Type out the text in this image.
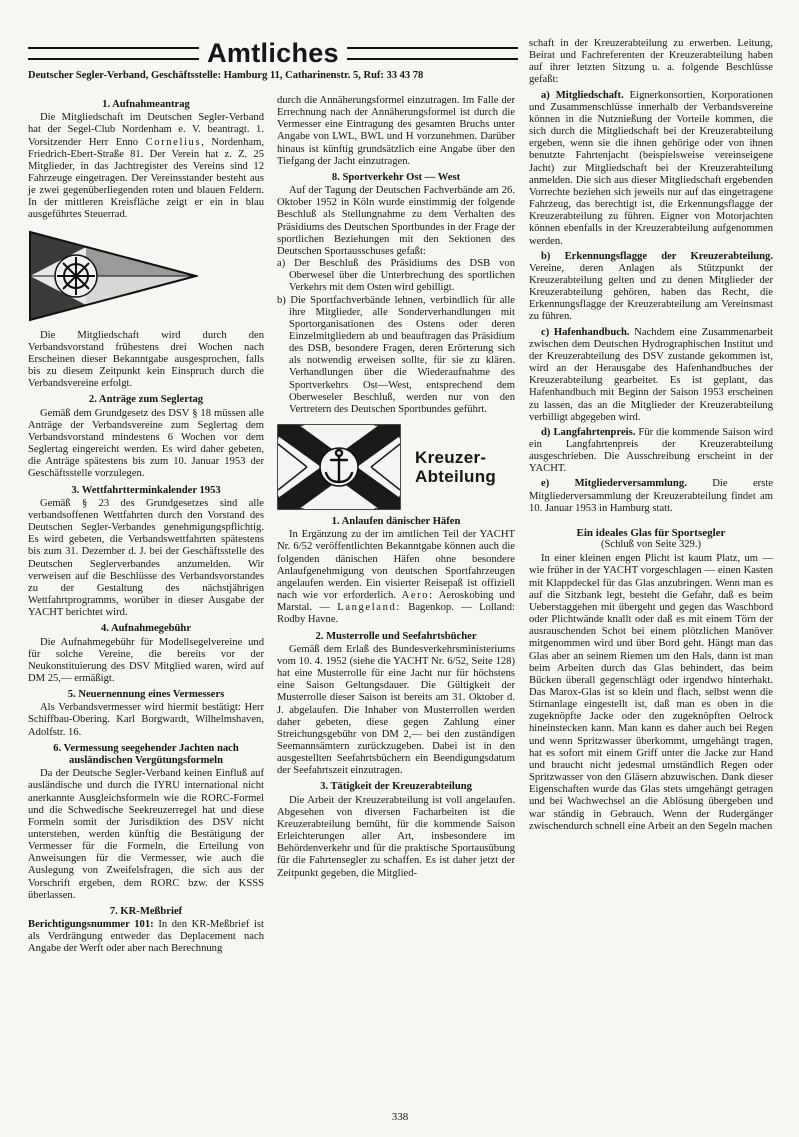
Amtliches
Deutscher Segler-Verband, Geschäftsstelle: Hamburg 11, Catharinenstr. 5, Ruf: 33 43 78
1. Aufnahmeantrag

Die Mitgliedschaft im Deutschen Segler-Verband hat der Segel-Club Nordenham e. V. beantragt. 1. Vorsitzender Herr Enno Cornelius, Nordenham, Friedrich-Ebert-Straße 81. Der Verein hat z. Z. 25 Mitglieder, in das Jachtregister des Vereins sind 12 Fahrzeuge eingetragen. Der Vereinsstander besteht aus je zwei gegenüberliegenden roten und blauen Feldern. In der mittleren Kreisfläche zeigt er ein in blau ausgeführtes Steuerrad.

Die Mitgliedschaft wird durch den Verbandsvorstand frühestens drei Wochen nach Erscheinen dieser Bekanntgabe ausgesprochen, falls bis zu diesem Zeitpunkt kein Einspruch durch die Verbandsvereine erfolgt.

2. Anträge zum Seglertag

Gemäß dem Grundgesetz des DSV § 18 müssen alle Anträge der Verbandsvereine zum Seglertag dem Verbandsvorstand mindestens 6 Wochen vor dem Seglertag eingereicht werden. Es wird daher gebeten, die Anträge spätestens bis zum 10. Januar 1953 der Geschäftsstelle vorzulegen.

3. Wettfahrtterminkalender 1953

Gemäß § 23 des Grundgesetzes sind alle verbandsoffenen Wettfahrten durch den Vorstand des Deutschen Segler-Verbandes genehmigungspflichtig. Es wird gebeten, die Verbandswettfahrten spätestens bis zum 31. Dezember d. J. bei der Geschäftsstelle des Deutschen Seglerverbandes anzumelden. Wir verweisen auf die Beschlüsse des Verbandsvorstandes zu der Gestaltung des nächstjährigen Wettfahrtprogramms, worüber in dieser Ausgabe der YACHT berichtet wird.

4. Aufnahmegebühr

Die Aufnahmegebühr für Modellsegelvereine und für solche Vereine, die bereits vor der Neukonstituierung des DSV Mitglied waren, wird auf DM 25,— ermäßigt.

5. Neuernennung eines Vermessers

Als Verbandsvermesser wird hiermit bestätigt: Herr Schiffbau-Obering. Karl Borgwardt, Wilhelmshaven, Adolfstr. 16.

6. Vermessung seegehender Jachten nach ausländischen Vergütungsformeln

Da der Deutsche Segler-Verband keinen Einfluß auf ausländische und durch die IYRU international nicht anerkannte Ausgleichsformeln wie die RORC-Formel und die Schwedische Seekreuzerregel hat und diese Formeln somit der Jurisdiktion des DSV nicht unterstehen, werden künftig die Bestätigung der Vermesser für die Formeln, die Erteilung von Anweisungen für die Vermesser, wie auch die Auslegung von Zweifelsfragen, die sich aus der Vorschrift ergeben, dem RORC bzw. der KSSS überlassen.

7. KR-Meßbrief

Berichtigungsnummer 101: In den KR-Meßbrief ist als Verdrängung entweder das Deplacement nach Angabe der Werft oder aber nach Berechnung

durch die Annäherungsformel einzutragen. Im Falle der Errechnung nach der Annäherungsformel ist durch die Vermesser eine Eintragung des gesamten Bruchs unter Angabe von LWL, BWL und H vorzunehmen. Darüber hinaus ist künftig grundsätzlich eine Angabe über den Tiefgang der Jacht einzutragen.

8. Sportverkehr Ost — West

Auf der Tagung der Deutschen Fachverbände am 26. Oktober 1952 in Köln wurde einstimmig der folgende Beschluß als Stellungnahme zu dem Verhalten des Präsidiums des Deutschen Sportbundes in der Frage der sportlichen Beziehungen mit den Sektionen des Deutschen Sportausschuses gefaßt:

a) Der Beschluß des Präsidiums des DSB von Oberwesel über die Unterbrechung des sportlichen Verkehrs mit dem Osten wird gebilligt.

b) Die Sportfachverbände lehnen, verbindlich für alle ihre Mitglieder, alle Sonderverhandlungen mit Sportorganisationen des Ostens oder deren Einzelmitgliedern ab und beauftragen das Präsidium des DSB, besondere Fragen, deren Erörterung sich als notwendig erweisen sollte, für sie zu klären. Verhandlungen über die Wiederaufnahme des Sportverkehrs Ost—West, entsprechend dem Oberweseler Beschluß, werden nur von den Vertretern des Deutschen Sportbundes geführt.

Kreuzer-
Abteilung
1. Anlaufen dänischer Häfen

In Ergänzung zu der im amtlichen Teil der YACHT Nr. 6/52 veröffentlichten Bekanntgabe können auch die folgenden dänischen Häfen ohne besondere Anlaufgenehmigung von deutschen Sportfahrzeugen angelaufen werden. Ein visierter Reisepaß ist offiziell nach wie vor erforderlich. Aero: Aeroskobing und Marstal. — Langeland: Bagenkop. — Lolland: Rodby Havne.

2. Musterrolle und Seefahrtsbücher

Gemäß dem Erlaß des Bundesverkehrsministeriums vom 10. 4. 1952 (siehe die YACHT Nr. 6/52, Seite 128) hat eine Musterrolle für eine Jacht nur für höchstens eine Saison Geltungsdauer. Die Gültigkeit der Musterrolle dieser Saison ist bereits am 31. Oktober d. J. abgelaufen. Die Inhaber von Musterrollen werden daher gebeten, diese gegen Zahlung einer Streichungsgebühr von DM 2,— bei den zuständigen Seemannsämtern zurückzugeben. Dabei ist in den ausgestellten Seefahrtsbüchern ein Beendigungsdatum der Seefahrtszeit einzutragen.

3. Tätigkeit der Kreuzerabteilung

Die Arbeit der Kreuzerabteilung ist voll angelaufen. Abgesehen von diversen Facharbeiten ist die Kreuzerabteilung bemüht, für die kommende Saison Erleichterungen aller Art, insbesondere im Behördenverkehr und für die praktische Sportausübung für die Fahrtensegler zu schaffen. Es ist daher jetzt der Zeitpunkt gegeben, die Mitglied-

schaft in der Kreuzerabteilung zu erwerben. Leitung, Beirat und Fachreferenten der Kreuzerabteilung haben auf ihrer letzten Sitzung u. a. folgende Beschlüsse gefaßt:

a) Mitgliedschaft. Eignerkonsortien, Korporationen und Zusammenschlüsse innerhalb der Verbandsvereine können in die Nutznießung der Vorteile kommen, die sich durch die Mitgliedschaft bei der Kreuzerabteilung ergeben, wenn sie die ihnen gehörige oder von ihnen benutzte Fahrtenjacht (beispielsweise vereinseigene Jacht) zur Mitgliedschaft bei der Kreuzerabteilung anmelden. Die sich aus dieser Mitgliedschaft ergebenden Vorrechte beziehen sich jeweils nur auf das eingetragene Fahrzeug, das berechtigt ist, die Erkennungsflagge der Kreuzerabteilung zu führen. Eigner von Motorjachten können ebenfalls in der Kreuzerabteilung aufgenommen werden.

b) Erkennungsflagge der Kreuzerabteilung. Vereine, deren Anlagen als Stützpunkt der Kreuzerabteilung gelten und zu denen Mitglieder der Kreuzerabteilung gehören, haben das Recht, die Erkennungsflagge der Kreuzerabteilung am Vereinsmast zu führen.

c) Hafenhandbuch. Nachdem eine Zusammenarbeit zwischen dem Deutschen Hydrographischen Institut und der Kreuzerabteilung des DSV zustande gekommen ist, wird an der Herausgabe des Hafenhandbuches der Kreuzerabteilung gearbeitet. Es ist geplant, das Hafenhandbuch mit Beginn der Saison 1953 erscheinen zu lassen, das an die Mitglieder der Kreuzerabteilung verbilligt abgegeben wird.

d) Langfahrtenpreis. Für die kommende Saison wird ein Langfahrtenpreis der Kreuzerabteilung ausgeschrieben. Die Ausschreibung erscheint in der YACHT.

e) Mitgliederversammlung. Die erste Mitgliederversammlung der Kreuzerabteilung findet am 10. Januar 1953 in Hamburg statt.

Ein ideales Glas für Sportsegler
(Schluß von Seite 329.)

In einer kleinen engen Plicht ist kaum Platz, um — wie früher in der YACHT vorgeschlagen — einen Kasten mit Klappdeckel für das Glas anzubringen. Wenn man es auf die Sitzbank legt, besteht die Gefahr, daß es beim Ueberstaggehen mit übergeht und gegen das Waschbord oder Plichtwände knallt oder daß es mit einem Törn der ausrauschenden Schot bei einem plötzlichen Manöver mitgenommen wird und über Bord geht. Hängt man das Glas aber an seinem Riemen um den Hals, dann ist man beim Arbeiten durch das Glas behindert, das beim Bücken überall gegenschlägt oder irgendwo hinterhakt. Das Marox-Glas ist so klein und flach, selbst wenn die Stirnanlage eingestellt ist, daß man es oben in die zugeknöpfte Jacke oder den zugeknöpften Oelrock hineinstecken kann. Man kann es daher auch bei Regen und wenn Spritzwasser überkommt, umgehängt tragen, hat es sofort mit einem Griff unter die Jacke zur Hand und braucht nicht jedesmal umständlich Regen oder Spritzwasser von den Gläsern abzuwischen. Dank dieser Eigenschaften wurde das Glas stets umgehängt getragen und bei Wachwechsel an die Ablösung übergeben und war ständig in Gebrauch. Wenn der Rudergänger zwischendurch schnell eine Arbeit an den Segeln machen

338
